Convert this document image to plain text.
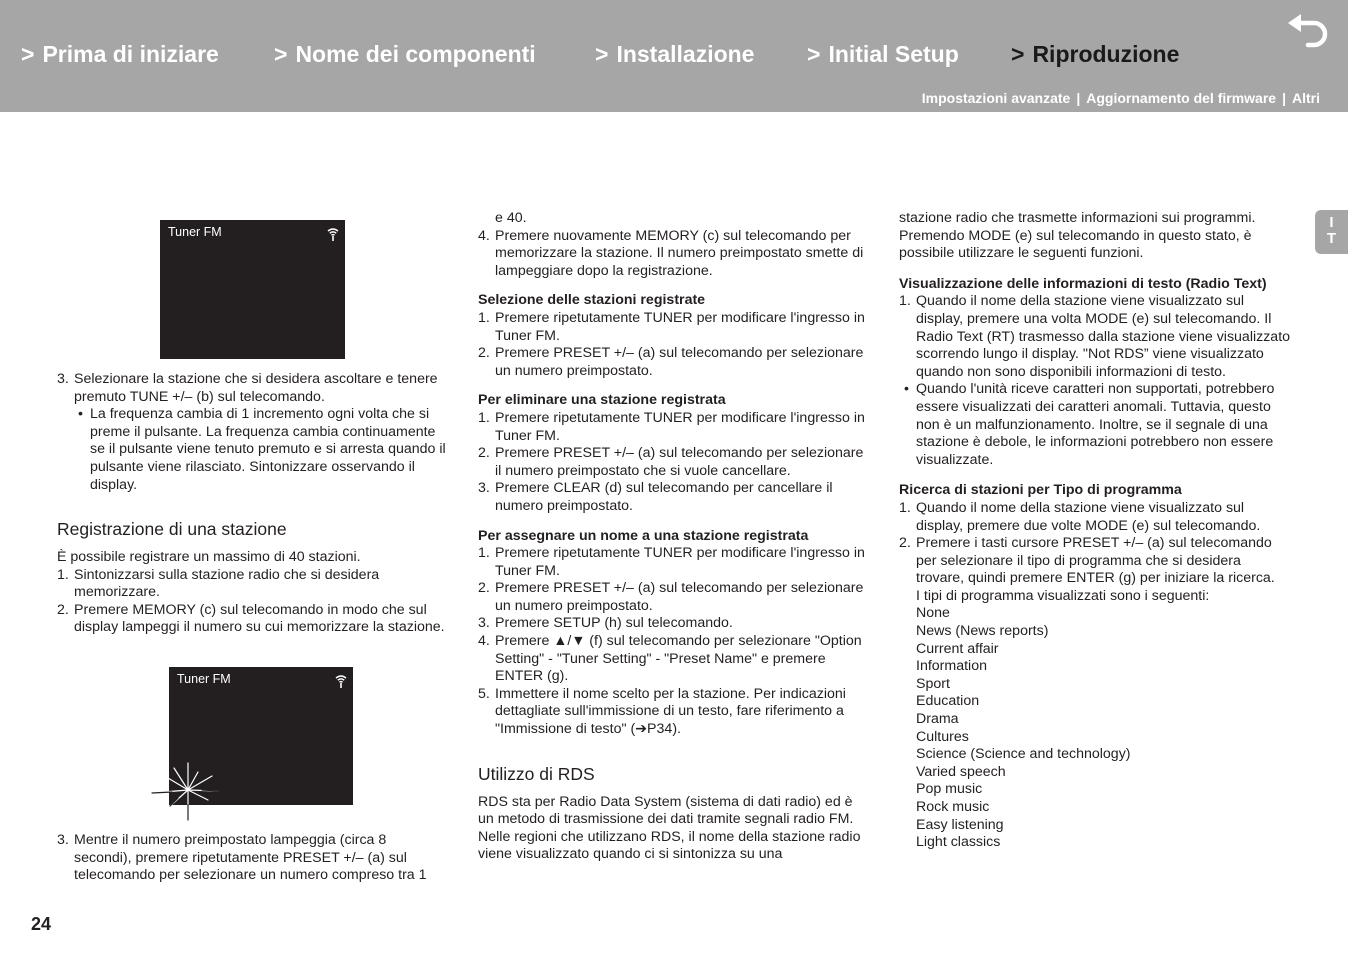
> Prima di iniziare > Nome dei componenti	> Installazione > Initial Setup > Riproduzione
Impostazioni avanzate | Aggiornamento del firmware | Altri
I
T
Tuner FM
3. Selezionare la stazione che si desidera ascoltare e tenere premuto TUNE +/– (b) sul telecomando.
• La frequenza cambia di 1 incremento ogni volta che si preme il pulsante. La frequenza cambia continuamente se il pulsante viene tenuto premuto e si arresta quando il pulsante viene rilasciato. Sintonizzare osservando il display.
Registrazione di una stazione

È possibile registrare un massimo di 40 stazioni.

1. Sintonizzarsi sulla stazione radio che si desidera memorizzare.
2. Premere MEMORY (c) sul telecomando in modo che sul display lampeggi il numero su cui memorizzare la stazione.
Tuner FM
3. Mentre il numero preimpostato lampeggia (circa 8 secondi), premere ripetutamente PRESET +/– (a) sul telecomando per selezionare un numero compreso tra 1

e 40.

4. Premere nuovamente MEMORY (c) sul telecomando per memorizzare la stazione. Il numero preimpostato smette di lampeggiare dopo la registrazione.

Selezione delle stazioni registrate

1. Premere ripetutamente TUNER per modificare l'ingresso in Tuner FM.
2. Premere PRESET +/– (a) sul telecomando per selezionare un numero preimpostato.

Per eliminare una stazione registrata

1. Premere ripetutamente TUNER per modificare l'ingresso in Tuner FM.
2. Premere PRESET +/– (a) sul telecomando per selezionare il numero preimpostato che si vuole cancellare.
3. Premere CLEAR (d) sul telecomando per cancellare il numero preimpostato.

Per assegnare un nome a una stazione registrata

1. Premere ripetutamente TUNER per modificare l'ingresso in Tuner FM.
2. Premere PRESET +/– (a) sul telecomando per selezionare un numero preimpostato.
3. Premere SETUP (h) sul telecomando.
4. Premere ▲/▼ (f) sul telecomando per selezionare "Option Setting" - "Tuner Setting" - "Preset Name" e premere ENTER (g).
5. Immettere il nome scelto per la stazione. Per indicazioni dettagliate sull'immissione di un testo, fare riferimento a "Immissione di testo" (➔P34).
Utilizzo di RDS

RDS sta per Radio Data System (sistema di dati radio) ed è un metodo di trasmissione dei dati tramite segnali radio FM. Nelle regioni che utilizzano RDS, il nome della stazione radio viene visualizzato quando ci si sintonizza su una

stazione radio che trasmette informazioni sui programmi. Premendo MODE (e) sul telecomando in questo stato, è possibile utilizzare le seguenti funzioni.

Visualizzazione delle informazioni di testo (Radio Text)

1. Quando il nome della stazione viene visualizzato sul display, premere una volta MODE (e) sul telecomando. Il Radio Text (RT) trasmesso dalla stazione viene visualizzato scorrendo lungo il display. "Not RDS” viene visualizzato quando non sono disponibili informazioni di testo.
• Quando l'unità riceve caratteri non supportati, potrebbero essere visualizzati dei caratteri anomali. Tuttavia, questo non è un malfunzionamento. Inoltre, se il segnale di una stazione è debole, le informazioni potrebbero non essere visualizzate.

Ricerca di stazioni per Tipo di programma

1. Quando il nome della stazione viene visualizzato sul display, premere due volte MODE (e) sul telecomando.
2. Premere i tasti cursore PRESET +/– (a) sul telecomando per selezionare il tipo di programma che si desidera trovare, quindi premere ENTER (g) per iniziare la ricerca.

I tipi di programma visualizzati sono i seguenti:

None
News (News reports)
Current affair
Information
Sport
Education
Drama
Cultures
Science (Science and technology)
Varied speech
Pop music
Rock music
Easy listening
Light classics
24
